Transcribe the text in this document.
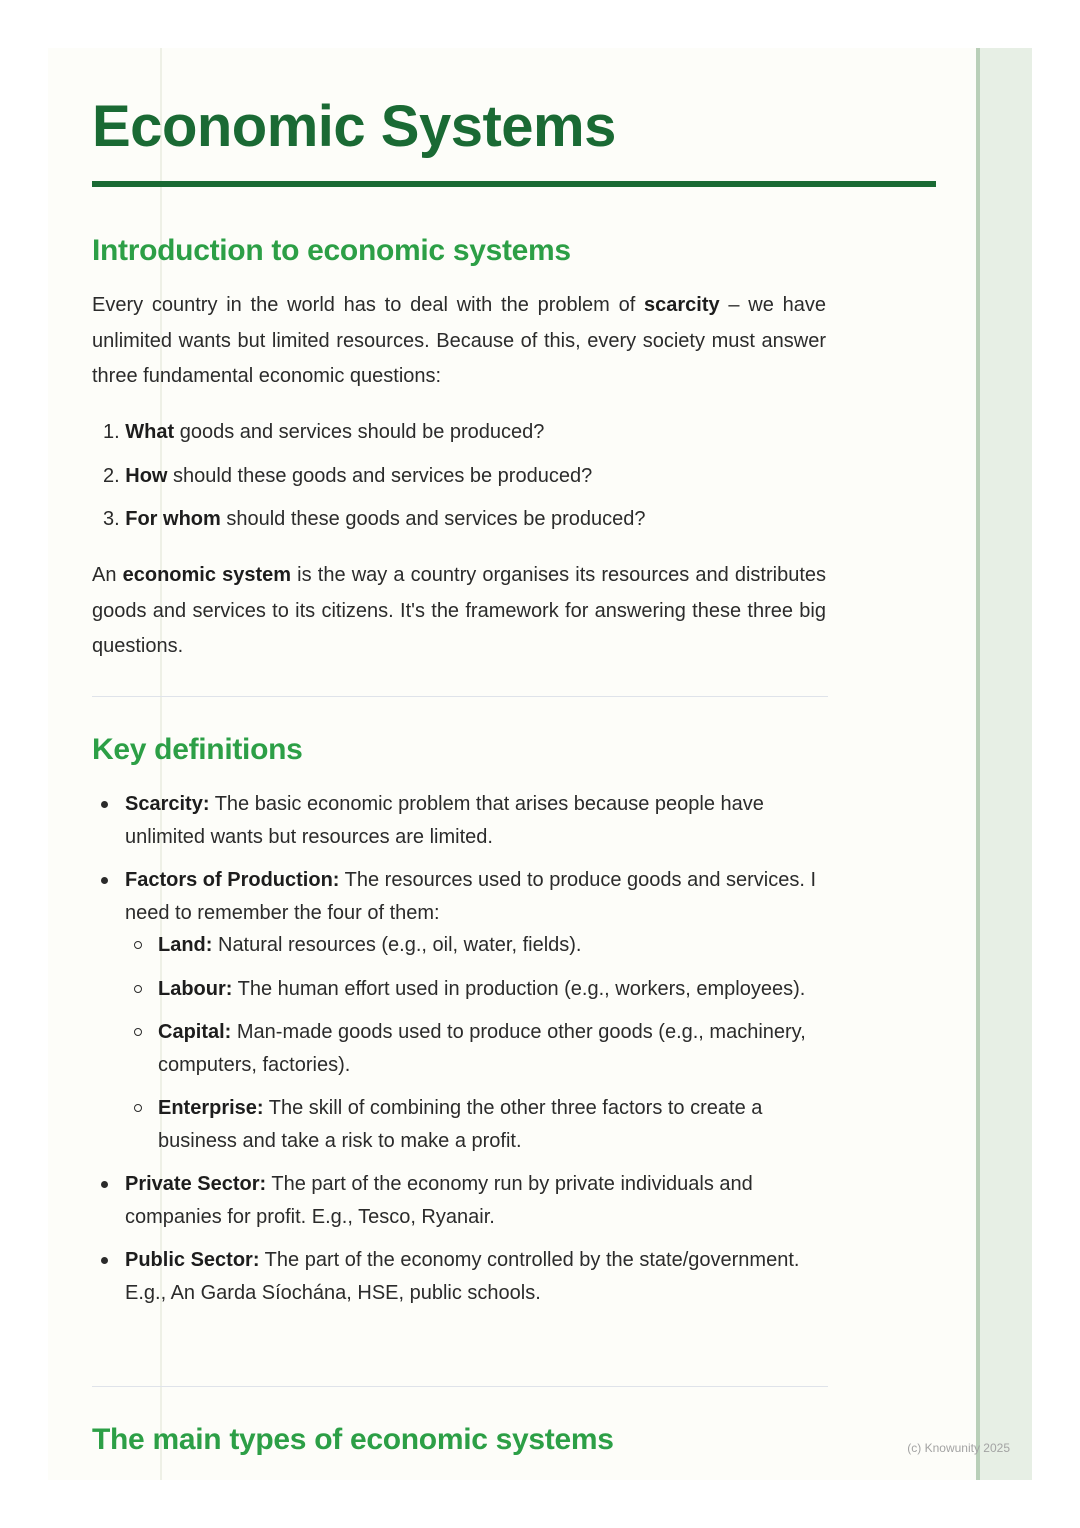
Economic Systems
Introduction to economic systems

Every country in the world has to deal with the problem of scarcity – we have unlimited wants but limited resources. Because of this, every society must answer three fundamental economic questions:

1. What goods and services should be produced?
2. How should these goods and services be produced?
3. For whom should these goods and services be produced?

An economic system is the way a country organises its resources and distributes goods and services to its citizens. It's the framework for answering these three big questions.

Key definitions
Scarcity: The basic economic problem that arises because people have unlimited wants but resources are limited.
Factors of Production: The resources used to produce goods and services. I need to remember the four of them:
Land: Natural resources (e.g., oil, water, fields).
Labour: The human effort used in production (e.g., workers, employees).
Capital: Man-made goods used to produce other goods (e.g., machinery, computers, factories).
Enterprise: The skill of combining the other three factors to create a business and take a risk to make a profit.
Private Sector: The part of the economy run by private individuals and companies for profit. E.g., Tesco, Ryanair.
Public Sector: The part of the economy controlled by the state/government. E.g., An Garda Síochána, HSE, public schools.
The main types of economic systems	(c) Knowunity 2025
